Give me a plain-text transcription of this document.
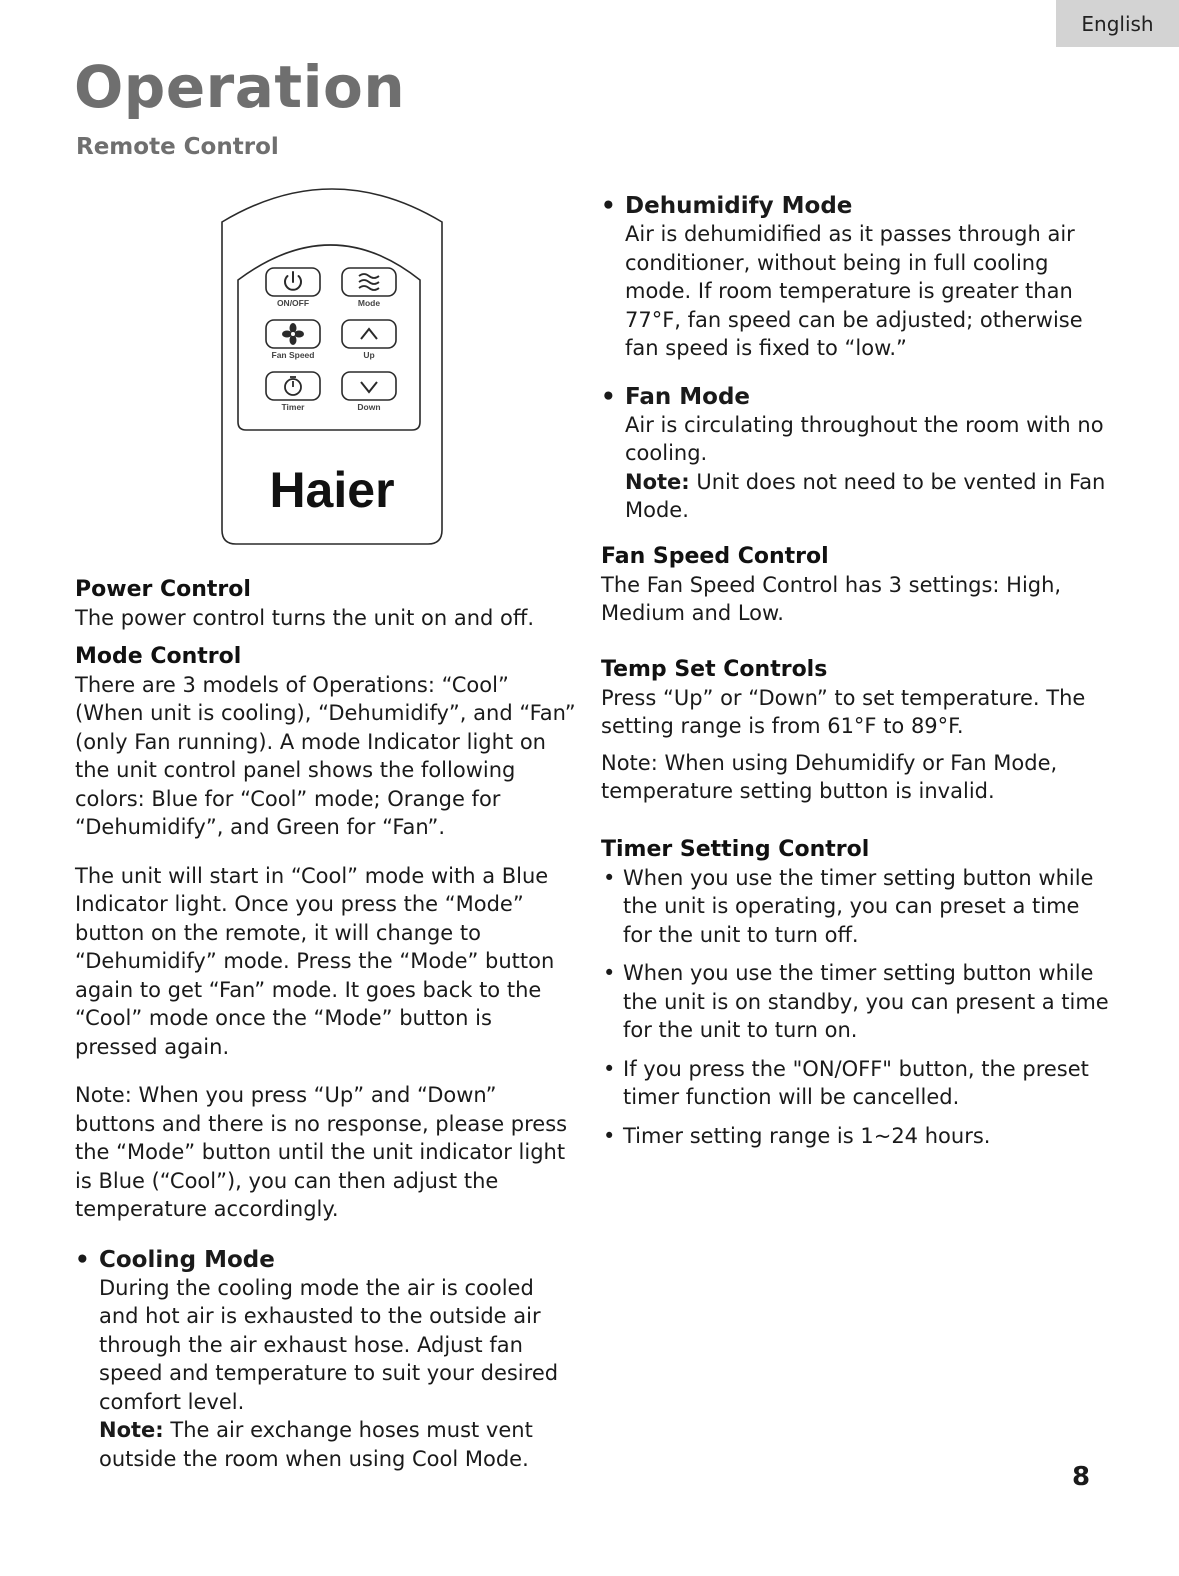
English
Operation
Remote Control
ON/OFF	Mode
Fan Speed	Up
Timer	Down
Haier
Power Control

The power control turns the unit on and off.

Mode Control

There are 3 models of Operations: “Cool” (When unit is cooling), “Dehumidify”, and “Fan” (only Fan running). A mode Indicator light on the unit control panel shows the following colors: Blue for “Cool” mode; Orange for “Dehumidify”, and Green for “Fan”.

The unit will start in “Cool” mode with a Blue Indicator light. Once you press the “Mode” button on the remote, it will change to “Dehumidify” mode. Press the “Mode” button again to get “Fan” mode. It goes back to the “Cool” mode once the “Mode” button is pressed again.

Note: When you press “Up” and “Down” buttons and there is no response, please press the “Mode” button until the unit indicator light is Blue (“Cool”), you can then adjust the temperature accordingly.

• Cooling Mode

During the cooling mode the air is cooled and hot air is exhausted to the outside air through the air exhaust hose. Adjust fan speed and temperature to suit your desired comfort level.

Note: The air exchange hoses must vent outside the room when using Cool Mode.

• Dehumidify Mode

Air is dehumidified as it passes through air conditioner, without being in full cooling mode. If room temperature is greater than 77°F, fan speed can be adjusted; otherwise fan speed is fixed to “low.”

• Fan Mode

Air is circulating throughout the room with no cooling.

Note: Unit does not need to be vented in Fan Mode.

Fan Speed Control

The Fan Speed Control has 3 settings: High, Medium and Low.

Temp Set Controls

Press “Up” or “Down” to set temperature. The setting range is from 61°F to 89°F.

Note: When using Dehumidify or Fan Mode, temperature setting button is invalid.

Timer Setting Control
• When you use the timer setting button while the unit is operating, you can preset a time for the unit to turn off.
• When you use the timer setting button while the unit is on standby, you can present a time for the unit to turn on.
• If you press the "ON/OFF" button, the preset timer function will be cancelled.
• Timer setting range is 1~24 hours.
8
